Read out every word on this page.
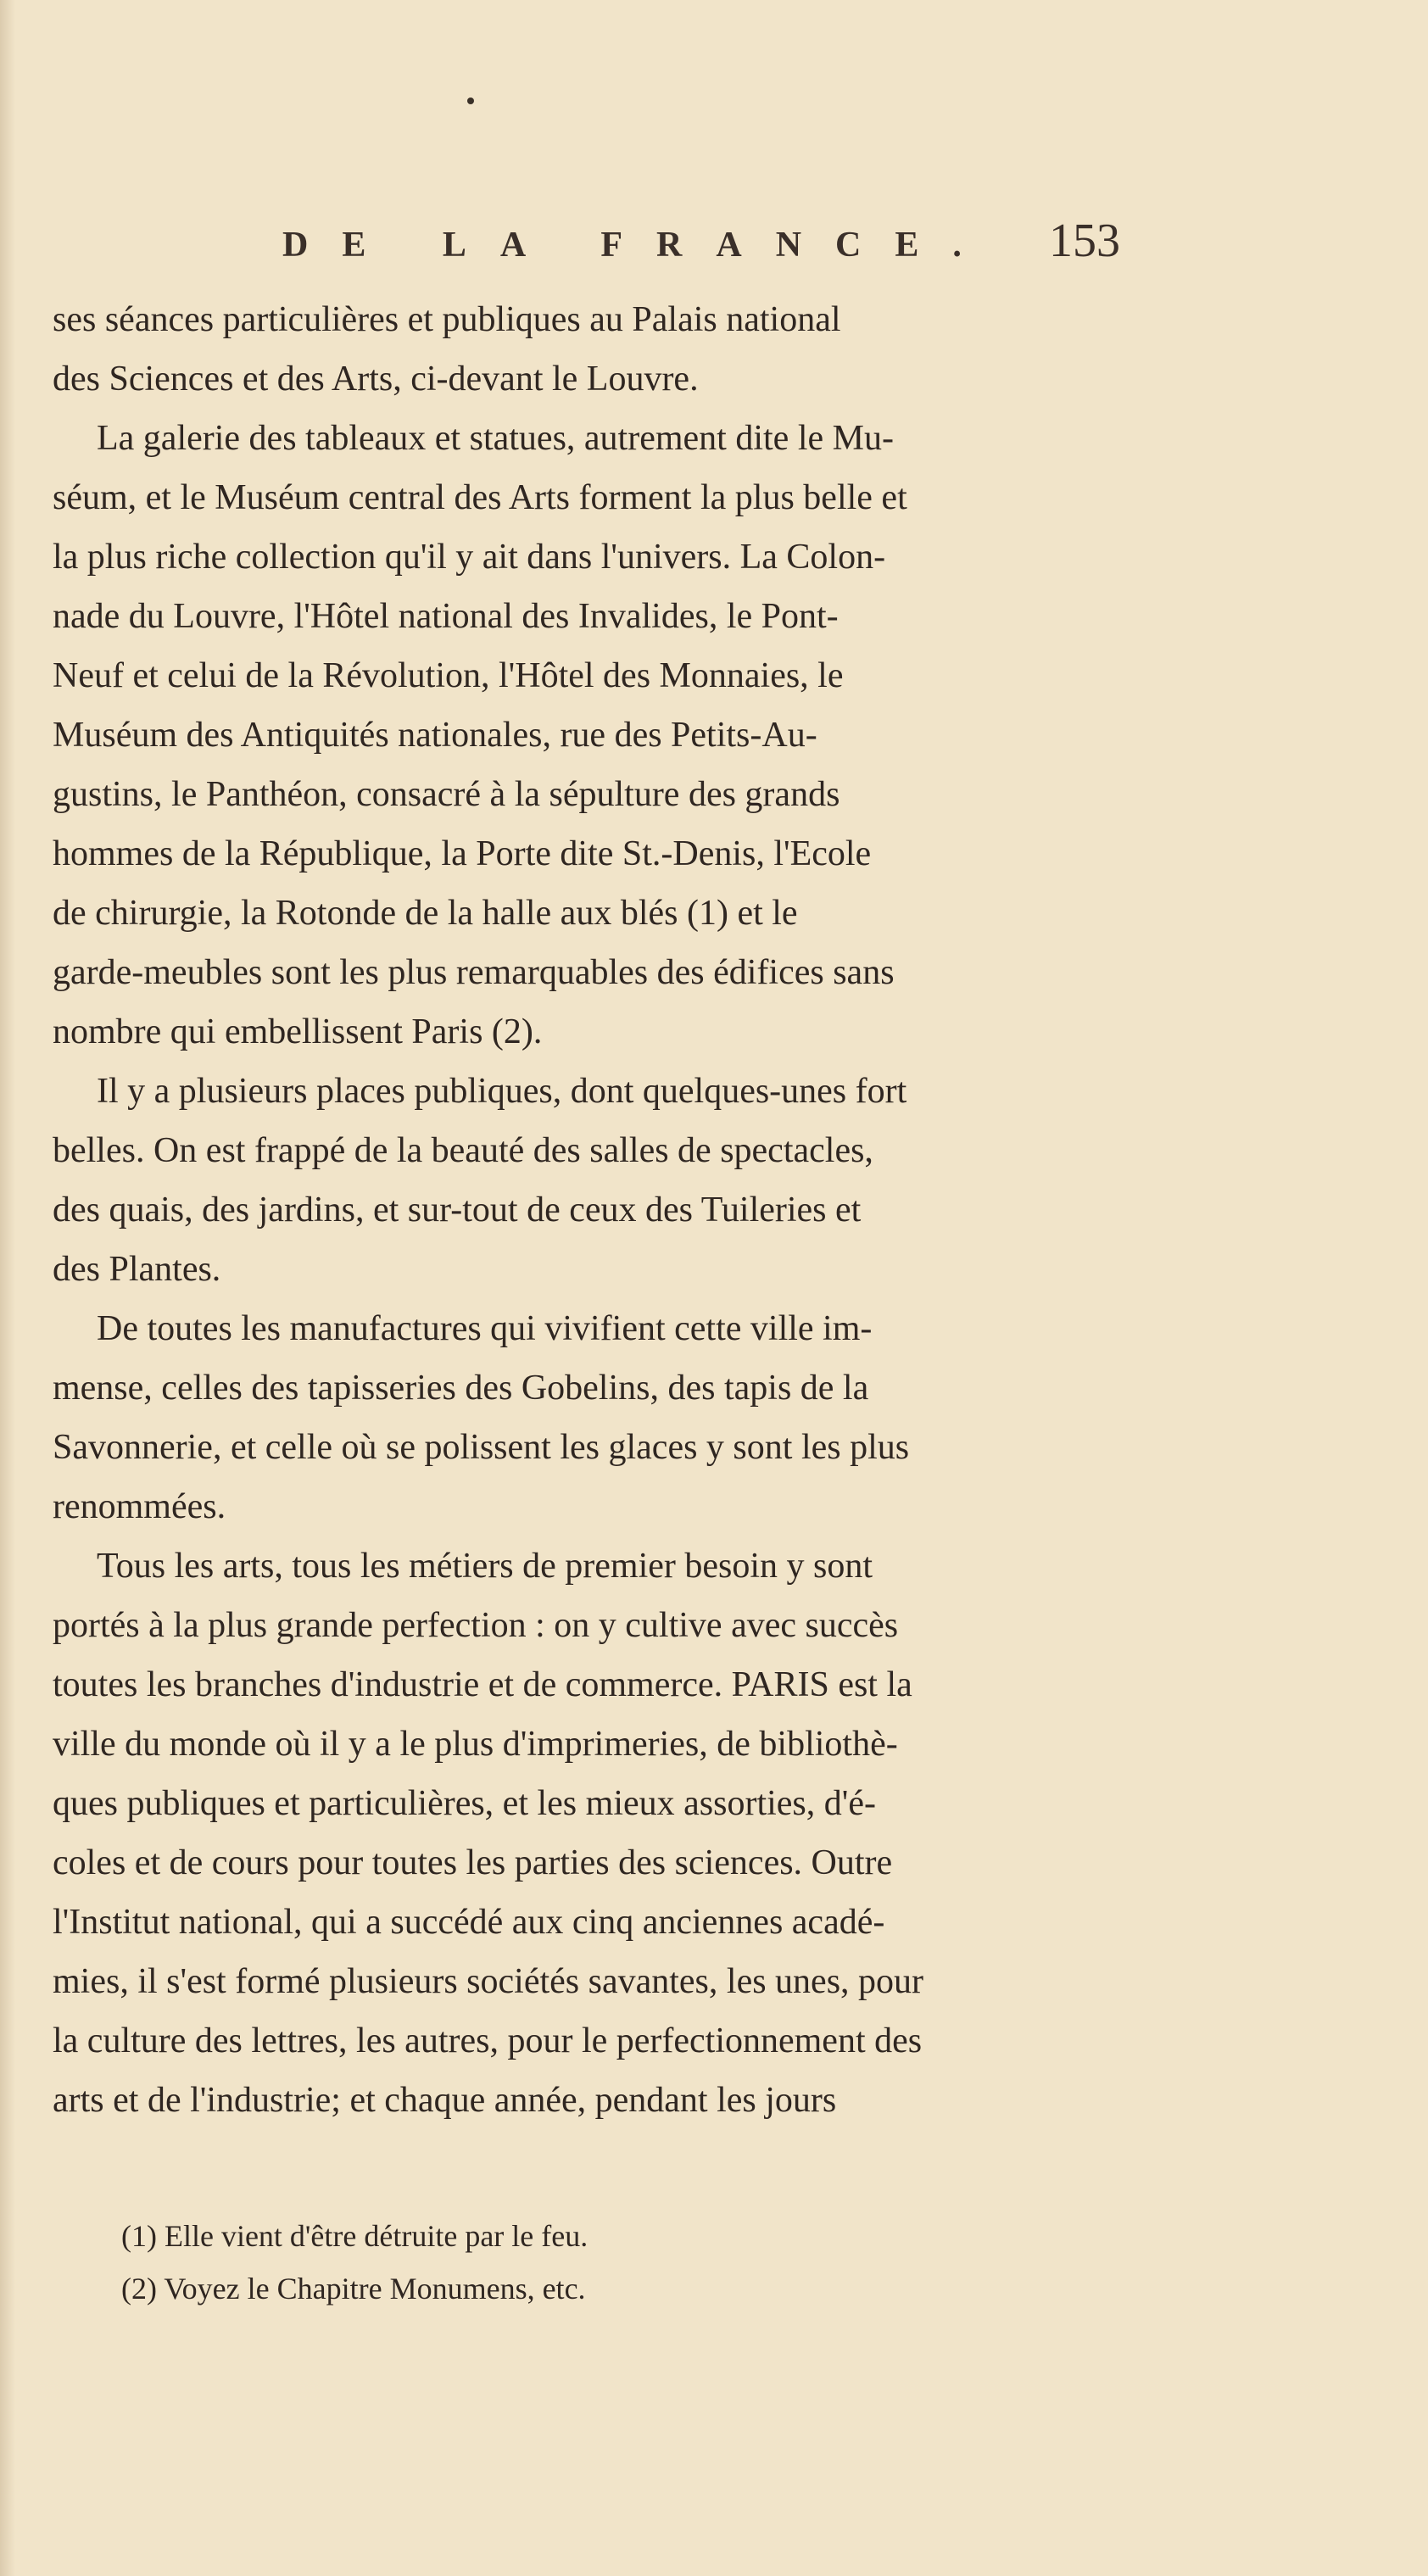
DE LA FRANCE. 153
ses séances particulières et publiques au Palais national
des Sciences et des Arts, ci-devant le Louvre.
La galerie des tableaux et statues, autrement dite le Mu-
séum, et le Muséum central des Arts forment la plus belle et
la plus riche collection qu'il y ait dans l'univers. La Colon-
nade du Louvre, l'Hôtel national des Invalides, le Pont-
Neuf et celui de la Révolution, l'Hôtel des Monnaies, le
Muséum des Antiquités nationales, rue des Petits-Au-
gustins, le Panthéon, consacré à la sépulture des grands
hommes de la République, la Porte dite St.-Denis, l'Ecole
de chirurgie, la Rotonde de la halle aux blés (1) et le
garde-meubles sont les plus remarquables des édifices sans
nombre qui embellissent Paris (2).
Il y a plusieurs places publiques, dont quelques-unes fort
belles. On est frappé de la beauté des salles de spectacles,
des quais, des jardins, et sur-tout de ceux des Tuileries et
des Plantes.
De toutes les manufactures qui vivifient cette ville im-
mense, celles des tapisseries des Gobelins, des tapis de la
Savonnerie, et celle où se polissent les glaces y sont les plus
renommées.
Tous les arts, tous les métiers de premier besoin y sont
portés à la plus grande perfection : on y cultive avec succès
toutes les branches d'industrie et de commerce. PARIS est la
ville du monde où il y a le plus d'imprimeries, de bibliothè-
ques publiques et particulières, et les mieux assorties, d'é-
coles et de cours pour toutes les parties des sciences. Outre
l'Institut national, qui a succédé aux cinq anciennes acadé-
mies, il s'est formé plusieurs sociétés savantes, les unes, pour
la culture des lettres, les autres, pour le perfectionnement des
arts et de l'industrie; et chaque année, pendant les jours
(1) Elle vient d'être détruite par le feu.
(2) Voyez le Chapitre Monumens, etc.
